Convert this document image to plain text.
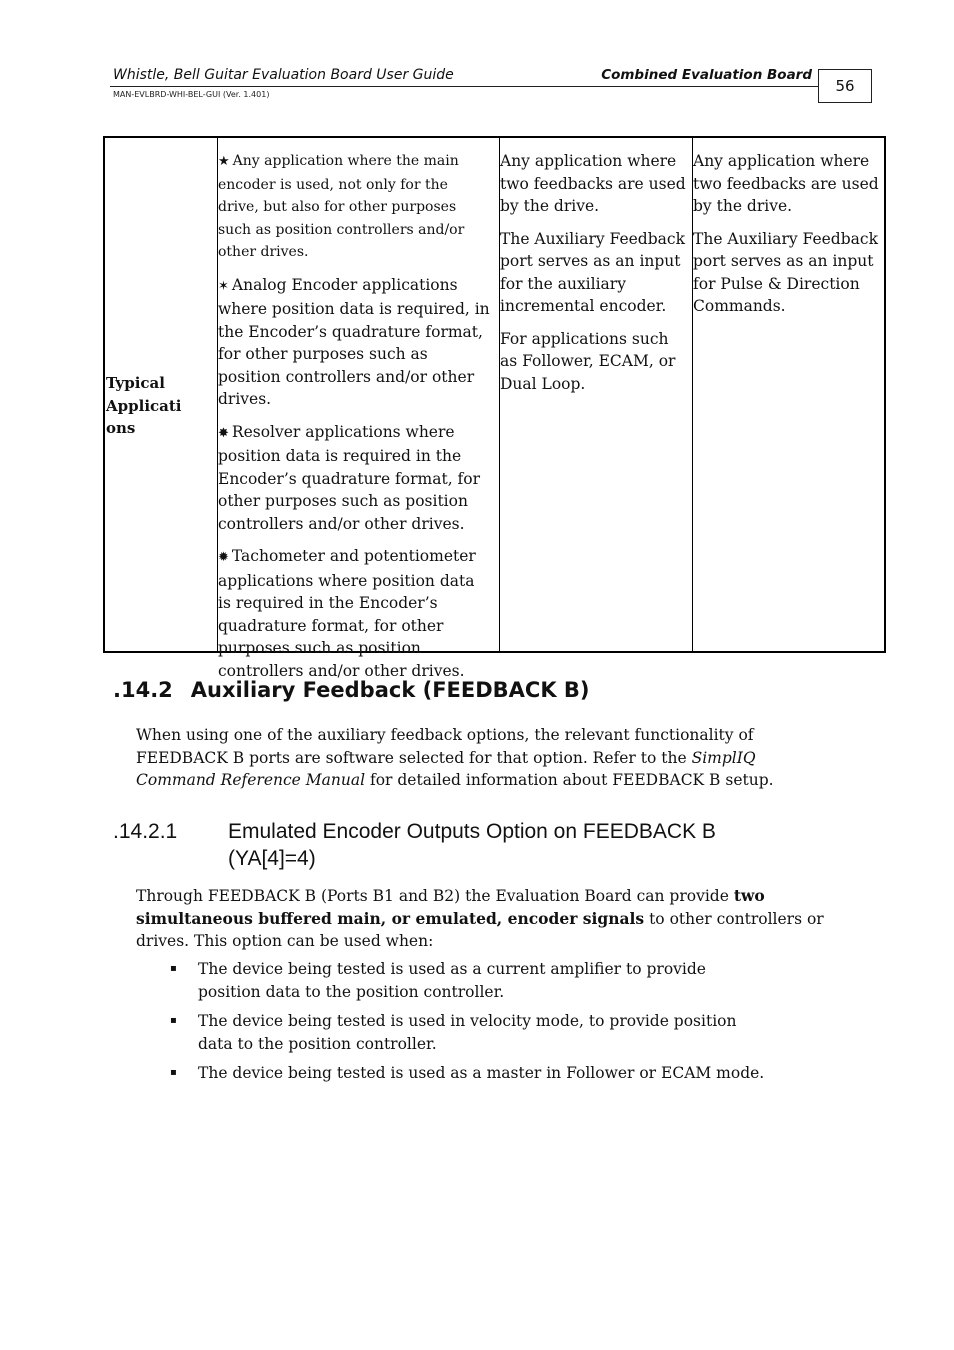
Whistle, Bell Guitar Evaluation Board User Guide	Combined Evaluation Board
MAN-EVLBRD-WHI-BEL-GUI (Ver. 1.401)	56
Typical Applicati ons

★ Any application where the main encoder is used, not only for the drive, but also for other purposes such as position controllers and/or other drives.

✶ Analog Encoder applications where position data is required, in the Encoder’s quadrature format, for other purposes such as position controllers and/or other drives.

✸ Resolver applications where position data is required in the Encoder’s quadrature format, for other purposes such as position controllers and/or other drives.

✹ Tachometer and potentiometer applications where position data is required in the Encoder’s quadrature format, for other purposes such as position controllers and/or other drives.

Any application where two feedbacks are used by the drive.

The Auxiliary Feedback port serves as an input for the auxiliary incremental encoder.

For applications such as Follower, ECAM, or Dual Loop.

Any application where two feedbacks are used by the drive.

The Auxiliary Feedback port serves as an input for Pulse & Direction Commands.

.14.2 Auxiliary Feedback (FEEDBACK B)

When using one of the auxiliary feedback options, the relevant functionality of FEEDBACK B ports are software selected for that option. Refer to the SimplIQ Command Reference Manual for detailed information about FEEDBACK B setup.

.14.2.1 Emulated Encoder Outputs Option on FEEDBACK B (YA[4]=4)

Through FEEDBACK B (Ports B1 and B2) the Evaluation Board can provide two simultaneous buffered main, or emulated, encoder signals to other controllers or drives. This option can be used when:

▪ The device being tested is used as a current amplifier to provide position data to the position controller.
▪ The device being tested is used in velocity mode, to provide position data to the position controller.
▪ The device being tested is used as a master in Follower or ECAM mode.
